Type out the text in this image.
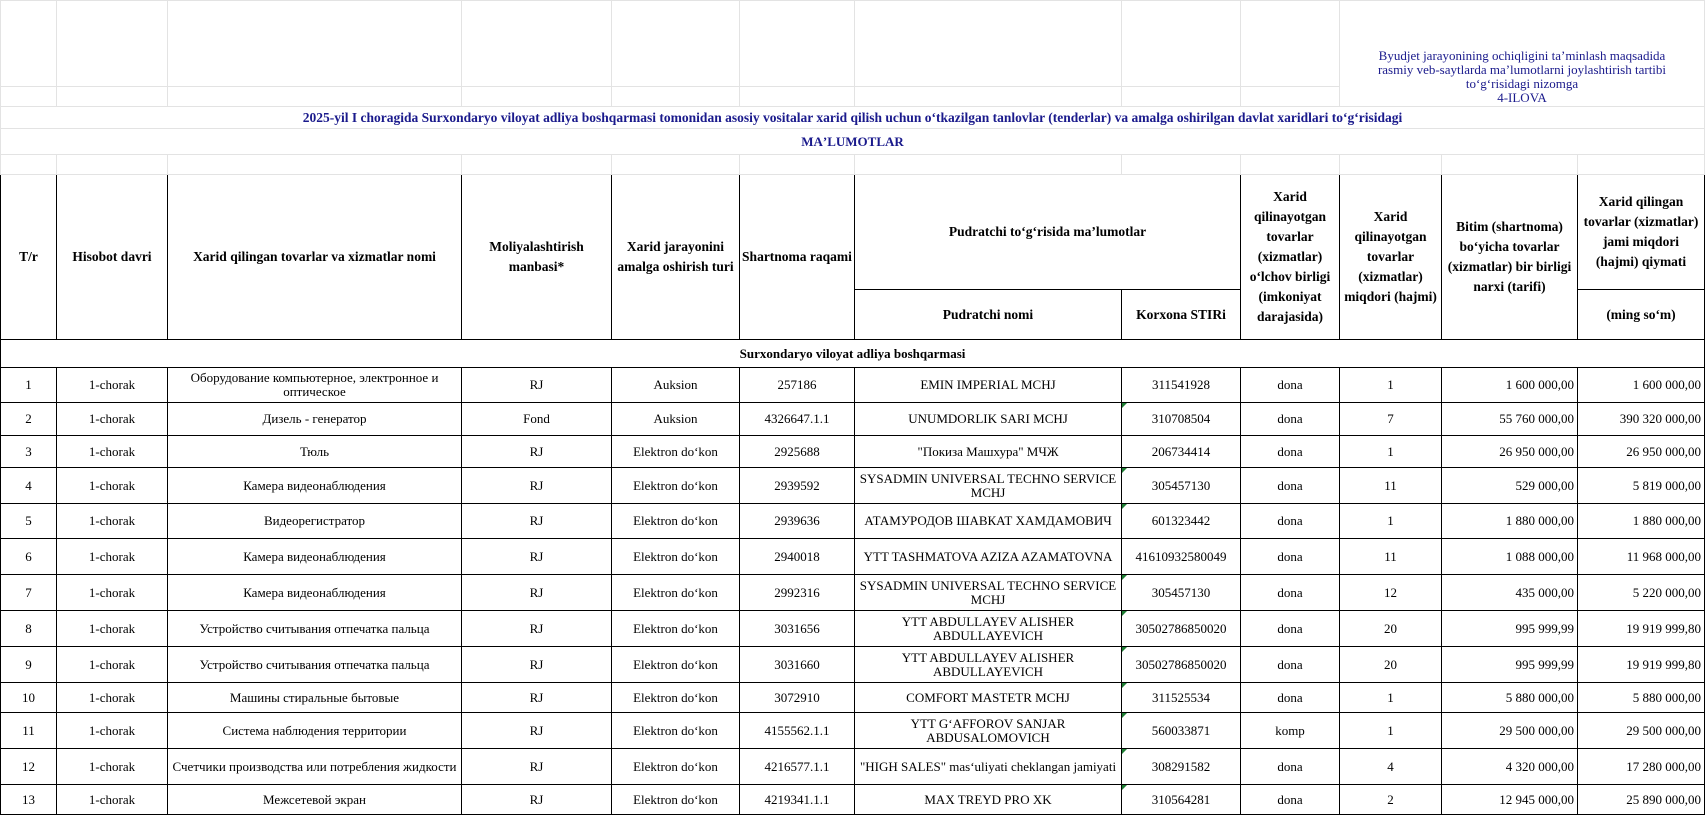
									Byudjet jarayonining ochiqligini taʼminlash maqsadida
rasmiy veb-saytlarda maʼlumotlarni joylashtirish tartibi
toʻgʻrisidagi nizomga
4-ILOVA		

2025-yil I choragida Surxondaryo viloyat adliya boshqarmasi tomonidan asosiy vositalar xarid qilish uchun oʻtkazilgan tanlovlar (tenderlar) va amalga oshirilgan davlat xaridlari toʻgʻrisidagi											
MAʼLUMOTLAR											

T/r	Hisobot davri	Xarid qilingan tovarlar va xizmatlar nomi	Moliyalashtirish manbasi*	Xarid jarayonini amalga oshirish turi	Shartnoma raqami	Pudratchi toʻgʻrisida maʼlumotlar		Xarid qilinayotgan tovarlar (xizmatlar) oʻlchov birligi (imkoniyat darajasida)	Xarid qilinayotgan tovarlar (xizmatlar) miqdori (hajmi)	Bitim (shartnoma) boʻyicha tovarlar (xizmatlar) bir birligi narxi (tarifi)	Xarid qilingan tovarlar (xizmatlar) jami miqdori (hajmi) qiymati
						Pudratchi nomi	Korxona STIRi				(ming soʻm)
Surxondaryo viloyat adliya boshqarmasi											
1	1-chorak	Оборудование компьютерное, электронное и оптическое	RJ	Auksion	257186	EMIN IMPERIAL MCHJ	311541928	dona	1	1 600 000,00	1 600 000,00
2	1-chorak	Дизель - генератор	Fond	Auksion	4326647.1.1	UNUMDORLIK SARI MCHJ	310708504	dona	7	55 760 000,00	390 320 000,00
3	1-chorak	Тюль	RJ	Elektron doʻkon	2925688	"Покиза Машхура" МЧЖ	206734414	dona	1	26 950 000,00	26 950 000,00
4	1-chorak	Камера видеонаблюдения	RJ	Elektron doʻkon	2939592	SYSADMIN UNIVERSAL TECHNO SERVICE MCHJ	305457130	dona	11	529 000,00	5 819 000,00
5	1-chorak	Видеорегистратор	RJ	Elektron doʻkon	2939636	АТАМУРОДОВ ШАВКАТ ХАМДАМОВИЧ	601323442	dona	1	1 880 000,00	1 880 000,00
6	1-chorak	Камера видеонаблюдения	RJ	Elektron doʻkon	2940018	YTT TASHMATOVA AZIZA AZAMATOVNA	41610932580049	dona	11	1 088 000,00	11 968 000,00
7	1-chorak	Камера видеонаблюдения	RJ	Elektron doʻkon	2992316	SYSADMIN UNIVERSAL TECHNO SERVICE MCHJ	305457130	dona	12	435 000,00	5 220 000,00
8	1-chorak	Устройство считывания отпечатка пальца	RJ	Elektron doʻkon	3031656	YTT ABDULLAYEV ALISHER ABDULLAYEVICH	30502786850020	dona	20	995 999,99	19 919 999,80
9	1-chorak	Устройство считывания отпечатка пальца	RJ	Elektron doʻkon	3031660	YTT ABDULLAYEV ALISHER ABDULLAYEVICH	30502786850020	dona	20	995 999,99	19 919 999,80
10	1-chorak	Машины стиральные бытовые	RJ	Elektron doʻkon	3072910	COMFORT MASTETR MCHJ	311525534	dona	1	5 880 000,00	5 880 000,00
11	1-chorak	Система наблюдения территории	RJ	Elektron doʻkon	4155562.1.1	YTT GʻAFFOROV SANJAR ABDUSALOMOVICH	560033871	komp	1	29 500 000,00	29 500 000,00
12	1-chorak	Счетчики производства или потребления жидкости	RJ	Elektron doʻkon	4216577.1.1	"HIGH SALES" masʻuliyati cheklangan jamiyati	308291582	dona	4	4 320 000,00	17 280 000,00
13	1-chorak	Межсетевой экран	RJ	Elektron doʻkon	4219341.1.1	MAX TREYD PRO XK	310564281	dona	2	12 945 000,00	25 890 000,00
